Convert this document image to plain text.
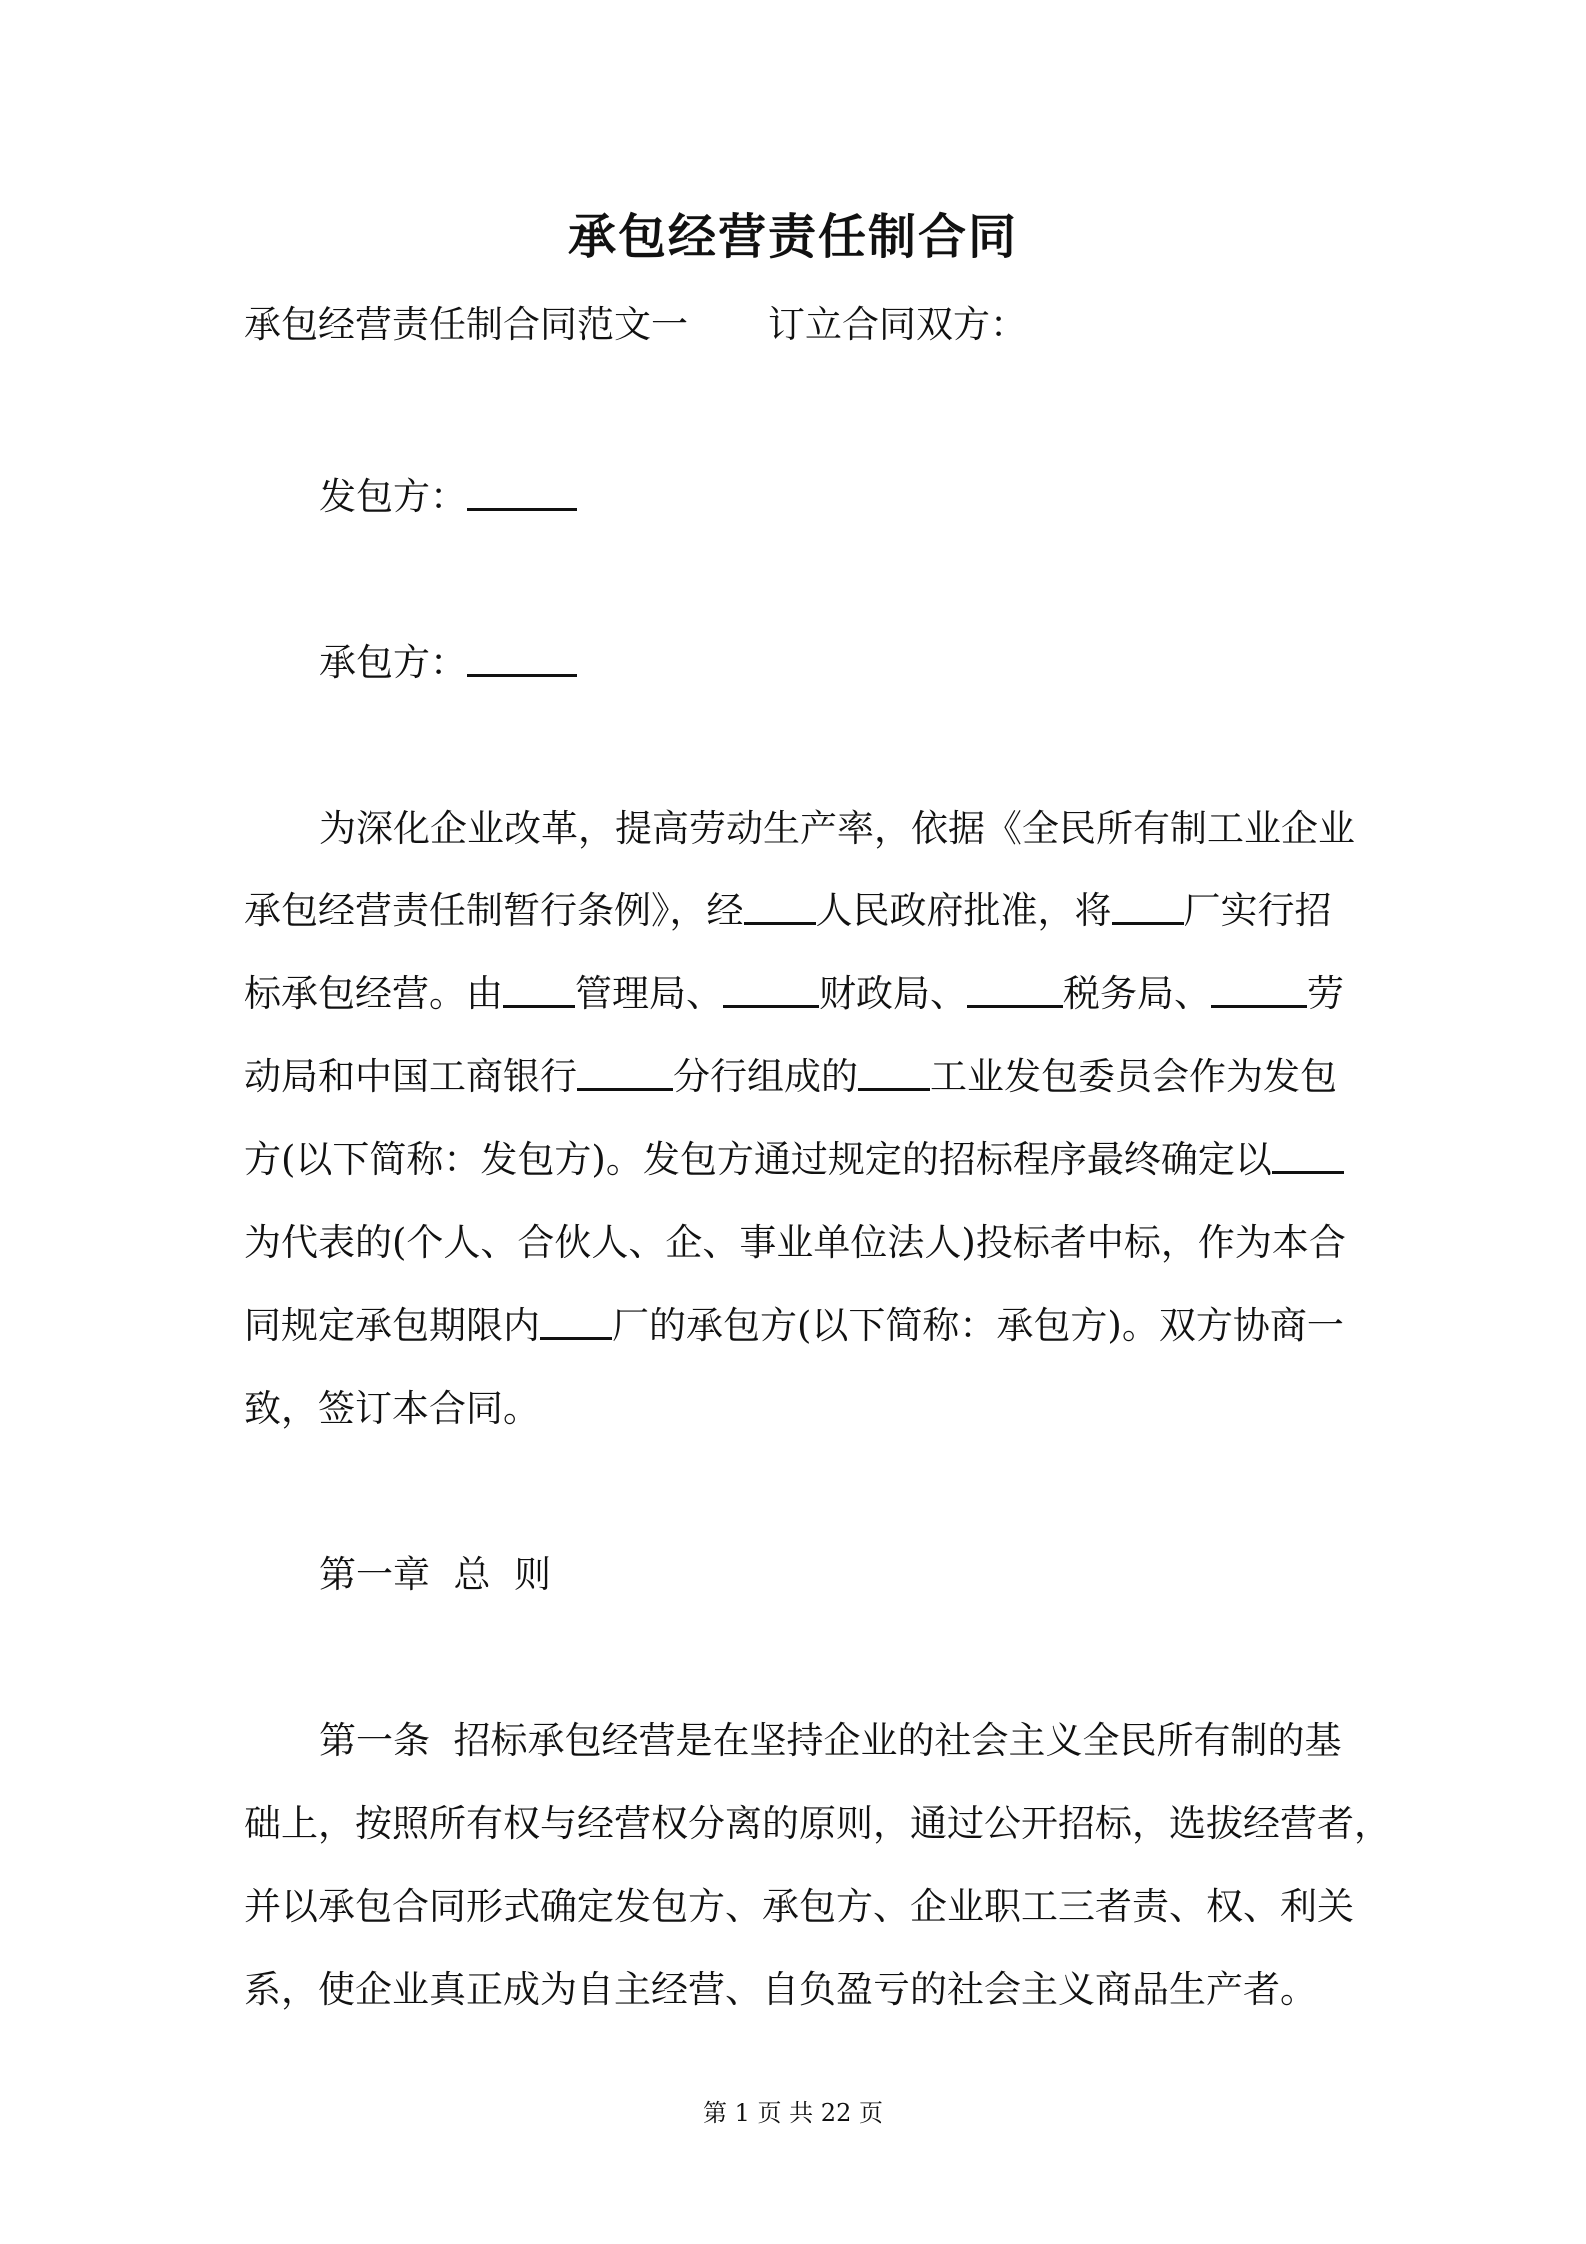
承包经营责任制合同
承包经营责任制合同范文一 订立合同双方：
发包方：
承包方：
为深化企业改革，提高劳动生产率，依据《全民所有制工业企业
承包经营责任制暂行条例》，经 人民政府批准，将 厂实行招
标承包经营。由 管理局、	财政局、	税务局、	劳
动局和中国工商银行	分行组成的 工业发包委员会作为发包
方(以下简称：发包方)。发包方通过规定的招标程序最终确定以
为代表的(个人、合伙人、企、事业单位法人)投标者中标，作为本合
同规定承包期限内 厂的承包方(以下简称：承包方)。双方协商一
致，签订本合同。
第一章  总  则
第一条  招标承包经营是在坚持企业的社会主义全民所有制的基
础上，按照所有权与经营权分离的原则，通过公开招标，选拔经营者，
并以承包合同形式确定发包方、承包方、企业职工三者责、权、利关
系，使企业真正成为自主经营、自负盈亏的社会主义商品生产者。
第 1 页 共 22 页
